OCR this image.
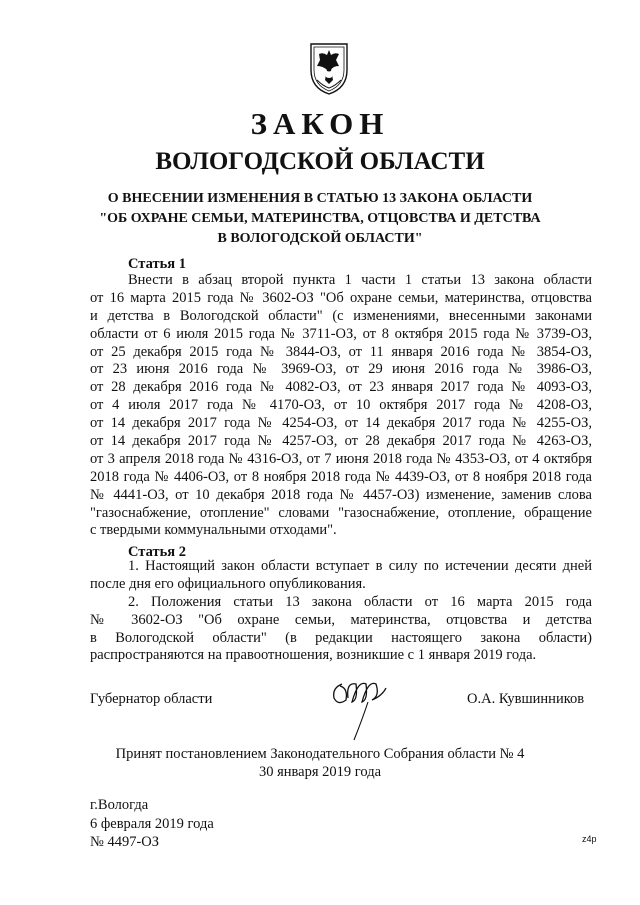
ЗАКОН
ВОЛОГОДСКОЙ ОБЛАСТИ
О ВНЕСЕНИИ ИЗМЕНЕНИЯ В СТАТЬЮ 13 ЗАКОНА ОБЛАСТИ
"ОБ ОХРАНЕ СЕМЬИ, МАТЕРИНСТВА, ОТЦОВСТВА И ДЕТСТВА
В ВОЛОГОДСКОЙ ОБЛАСТИ"
Статья 1
Внести в абзац второй пункта 1 части 1 статьи 13 закона области
от 16 марта 2015 года № 3602-ОЗ "Об охране семьи, материнства, отцовства
и детства в Вологодской области" (с изменениями, внесенными законами
области от 6 июля 2015 года № 3711-ОЗ, от 8 октября 2015 года № 3739-ОЗ,
от 25 декабря 2015 года № 3844-ОЗ, от 11 января 2016 года № 3854-ОЗ,
от 23 июня 2016 года № 3969-ОЗ, от 29 июня 2016 года № 3986-ОЗ,
от 28 декабря 2016 года № 4082-ОЗ, от 23 января 2017 года № 4093-ОЗ,
от 4 июля 2017 года № 4170-ОЗ, от 10 октября 2017 года № 4208-ОЗ,
от 14 декабря 2017 года № 4254-ОЗ, от 14 декабря 2017 года № 4255-ОЗ,
от 14 декабря 2017 года № 4257-ОЗ, от 28 декабря 2017 года № 4263-ОЗ,
от 3 апреля 2018 года № 4316-ОЗ, от 7 июня 2018 года № 4353-ОЗ, от 4 октября
2018 года № 4406-ОЗ, от 8 ноября 2018 года № 4439-ОЗ, от 8 ноября 2018 года
№ 4441-ОЗ, от 10 декабря 2018 года № 4457-ОЗ) изменение, заменив слова
"газоснабжение, отопление" словами "газоснабжение, отопление, обращение
с твердыми коммунальными отходами".
Статья 2
1. Настоящий закон области вступает в силу по истечении десяти дней
после дня его официального опубликования.
2. Положения статьи 13 закона области от 16 марта 2015 года
№ 3602-ОЗ "Об охране семьи, материнства, отцовства и детства
в Вологодской области" (в редакции настоящего закона области)
распространяются на правоотношения, возникшие с 1 января 2019 года.
Губернатор области	О.А. Кувшинников
Принят постановлением Законодательного Собрания области № 4
30 января 2019 года
г.Вологда
6 февраля 2019 года
№ 4497-ОЗ	z4p
